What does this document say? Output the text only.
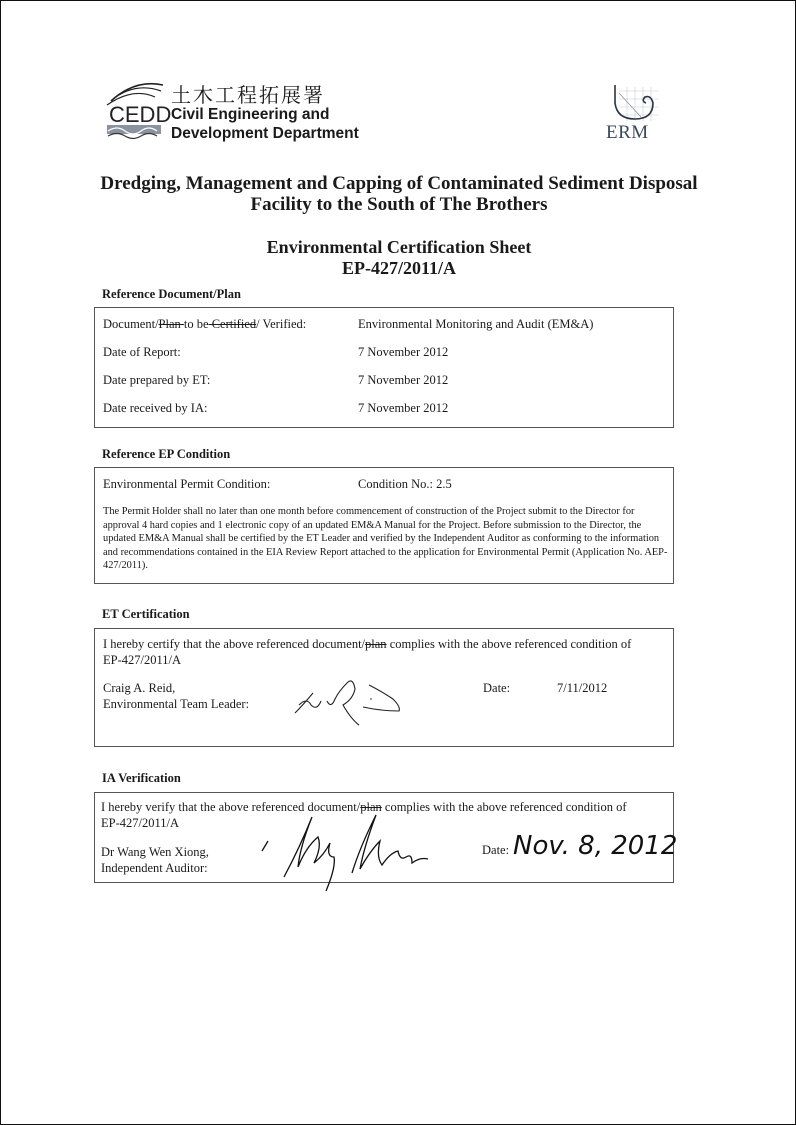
土木工程拓展署
CEDD Civil Engineering and
Development Department	ERM
Dredging, Management and Capping of Contaminated Sediment Disposal
Facility to the South of The Brothers
Environmental Certification Sheet
EP-427/2011/A
Reference Document/Plan
Document/Plan to be Certified/ Verified:	Environmental Monitoring and Audit (EM&A)
Date of Report:	7 November 2012
Date prepared by ET:	7 November 2012
Date received by IA:	7 November 2012
Reference EP Condition
Environmental Permit Condition:	Condition No.: 2.5
The Permit Holder shall no later than one month before commencement of construction of the Project submit to the Director for approval 4 hard copies and 1 electronic copy of an updated EM&A Manual for the Project. Before submission to the Director, the updated EM&A Manual shall be certified by the ET Leader and verified by the Independent Auditor as conforming to the information and recommendations contained in the EIA Review Report attached to the application for Environmental Permit (Application No. AEP-427/2011).
ET Certification
I hereby certify that the above referenced document/plan complies with the above referenced condition of
EP-427/2011/A
Craig A. Reid,
Environmental Team Leader:
Date:	7/11/2012
IA Verification
I hereby verify that the above referenced document/plan complies with the above referenced condition of
EP-427/2011/A
Dr Wang Wen Xiong,
Independent Auditor:
Date: Nov. 8, 2012
